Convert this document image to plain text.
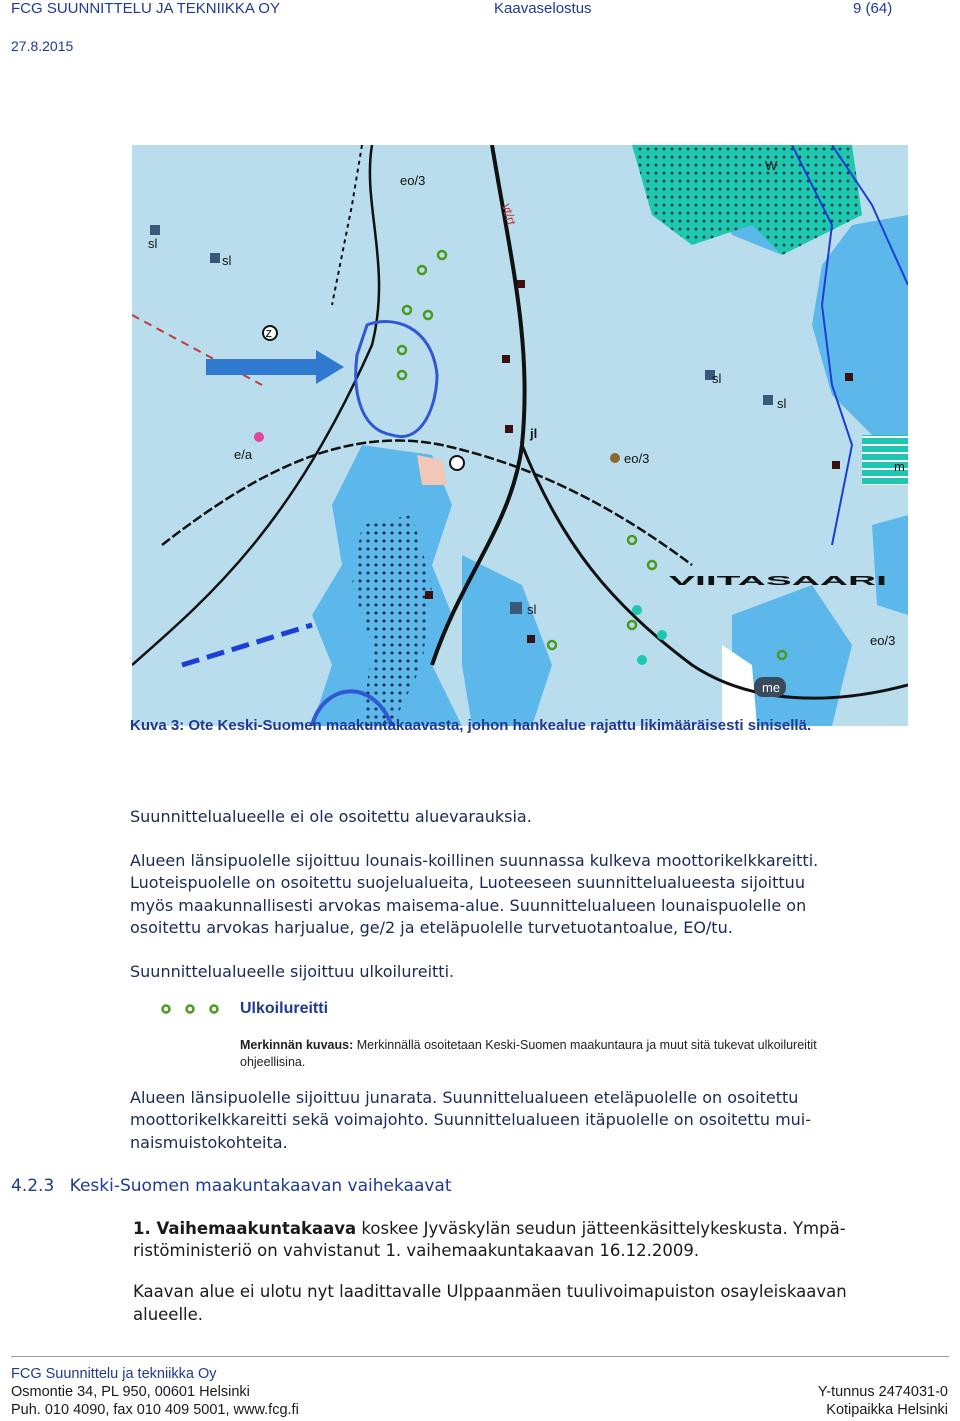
FCG SUUNNITTELU JA TEKNIIKKA OY	Kaavaselostus	9 (64)
27.8.2015
z
me
W
vt/rt
eo/3
sl
sl
sl
sl
sl
jl
eo/3
e/a
m
VIITASAARI
eo/3
Kuva 3: Ote Keski-Suomen maakuntakaavasta, johon hankealue rajattu likimääräisesti sinisellä.
Suunnittelualueelle ei ole osoitettu aluevarauksia.
Alueen länsipuolelle sijoittuu lounais-koillinen suunnassa kulkeva moottorikelkkareitti.
Luoteispuolelle on osoitettu suojelualueita, Luoteeseen suunnittelualueesta sijoittuu
myös maakunnallisesti arvokas maisema-alue. Suunnittelualueen lounaispuolelle on
osoitettu arvokas harjualue, ge/2 ja eteläpuolelle turvetuotantoalue, EO/tu.
Suunnittelualueelle sijoittuu ulkoilureitti.
Ulkoilureitti
Merkinnän kuvaus: Merkinnällä osoitetaan Keski-Suomen maakuntaura ja muut sitä tukevat ulkoilureitit
ohjeellisina.
Alueen länsipuolelle sijoittuu junarata. Suunnittelualueen eteläpuolelle on osoitettu
moottorikelkkareitti sekä voimajohto. Suunnittelualueen itäpuolelle on osoitettu mui-
naismuistokohteita.
4.2.3 Keski-Suomen maakuntakaavan vaihekaavat
1. Vaihemaakuntakaava koskee Jyväskylän seudun jätteenkäsittelykeskusta. Ympä-
ristöministeriö on vahvistanut 1. vaihemaakuntakaavan 16.12.2009.
Kaavan alue ei ulotu nyt laadittavalle Ulppaanmäen tuulivoimapuiston osayleiskaavan
alueelle.
FCG Suunnittelu ja tekniikka Oy
Osmontie 34, PL 950, 00601 Helsinki
Puh. 010 4090, fax 010 409 5001, www.fcg.fi
Y-tunnus 2474031-0
Kotipaikka Helsinki
